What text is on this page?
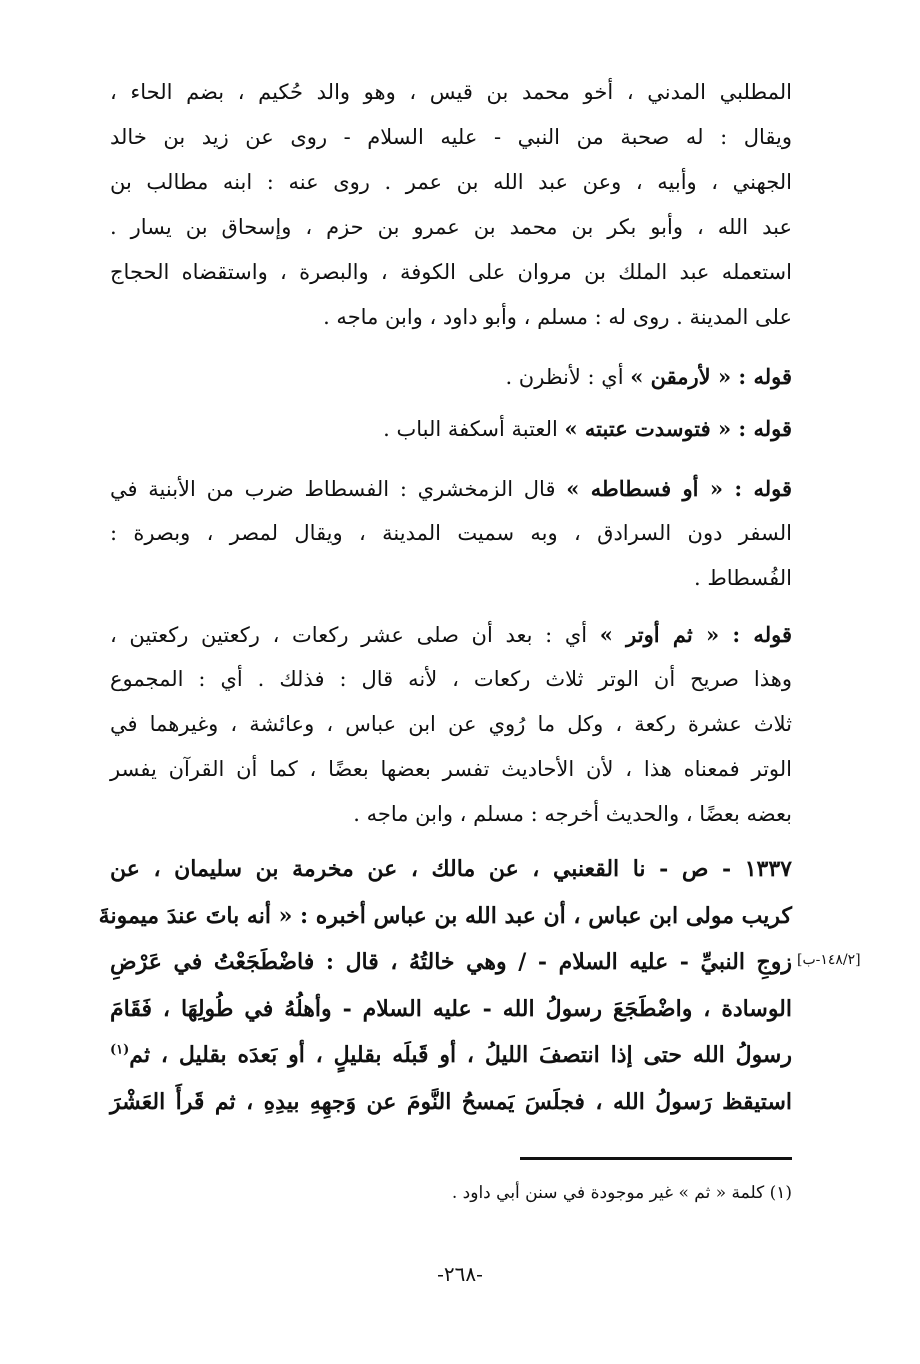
المطلبي المدني ، أخو محمد بن قيس ، وهو والد حُكيم ، بضم الحاء ،
ويقال : له صحبة من النبي - عليه السلام - روى عن زيد بن خالد
الجهني ، وأبيه ، وعن عبد الله بن عمر . روى عنه : ابنه مطالب بن
عبد الله ، وأبو بكر بن محمد بن عمرو بن حزم ، وإسحاق بن يسار .
استعمله عبد الملك بن مروان على الكوفة ، والبصرة ، واستقضاه الحجاج
على المدينة . روى له : مسلم ، وأبو داود ، وابن ماجه .
قوله : « لأرمقن » أي : لأنظرن .
قوله : « فتوسدت عتبته » العتبة أسكفة الباب .
قوله : « أو فسطاطه » قال الزمخشري : الفسطاط ضرب من الأبنية في
السفر دون السرادق ، وبه سميت المدينة ، ويقال لمصر ، وبصرة :
الفُسطاط .
قوله : « ثم أوتر » أي : بعد أن صلى عشر ركعات ، ركعتين ركعتين ،
وهذا صريح أن الوتر ثلاث ركعات ، لأنه قال : فذلك . أي : المجموع
ثلاث عشرة ركعة ، وكل ما رُوي عن ابن عباس ، وعائشة ، وغيرهما في
الوتر فمعناه هذا ، لأن الأحاديث تفسر بعضها بعضًا ، كما أن القرآن يفسر
بعضه بعضًا ، والحديث أخرجه : مسلم ، وابن ماجه .
١٣٣٧ - ص - نا القعنبي ، عن مالك ، عن مخرمة بن سليمان ، عن
كريب مولى ابن عباس ، أن عبد الله بن عباس أخبره : « أنه باتَ عندَ ميمونةَ
زوجِ النبيِّ - عليه السلام - / وهي خالتُهُ ، قال : فاضْطَجَعْتُ في عَرْضِ
الوسادة ، واضْطَجَعَ رسولُ الله - عليه السلام - وأهلُهُ في طُولِهَا ، فَقَامَ
رسولُ الله حتى إذا انتصفَ الليلُ ، أو قَبلَه بقليلٍ ، أو بَعدَه بقليل ، ثم$^{(١)}$
استيقظ رَسولُ الله ، فجلَسَ يَمسحُ النَّومَ عن وَجهِهِ بيدِهِ ، ثم قَرأَ العَشْرَ
[١٤٨/٢-ب]
(١) كلمة « ثم » غير موجودة في سنن أبي داود .
-٢٦٨-
